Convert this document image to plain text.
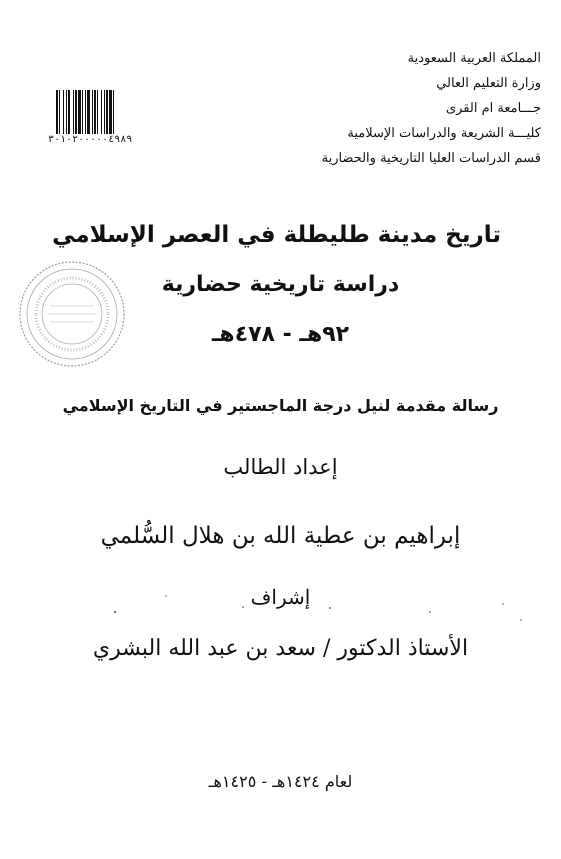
المملكة العربية السعودية
وزارة التعليم العالي
جـــامعة ام القرى
كليـــة الشريعة والدراسات الإسلامية
قسم الدراسات العليا التاريخية والحضارية
٣٠١٠٢٠٠٠٠٠٤٩٨٩
تاريخ مدينة طليطلة في العصر الإسلامي
دراسة تاريخية حضارية
٩٢هـ - ٤٧٨هـ
رسالة مقدمة لنيل درجة الماجستير في التاريخ الإسلامي
إعداد الطالب
إبراهيم بن عطية الله بن هلال السُّلمي
إشراف
الأستاذ الدكتور / سعد بن عبد الله البشري
لعام ١٤٢٤هـ - ١٤٢٥هـ
